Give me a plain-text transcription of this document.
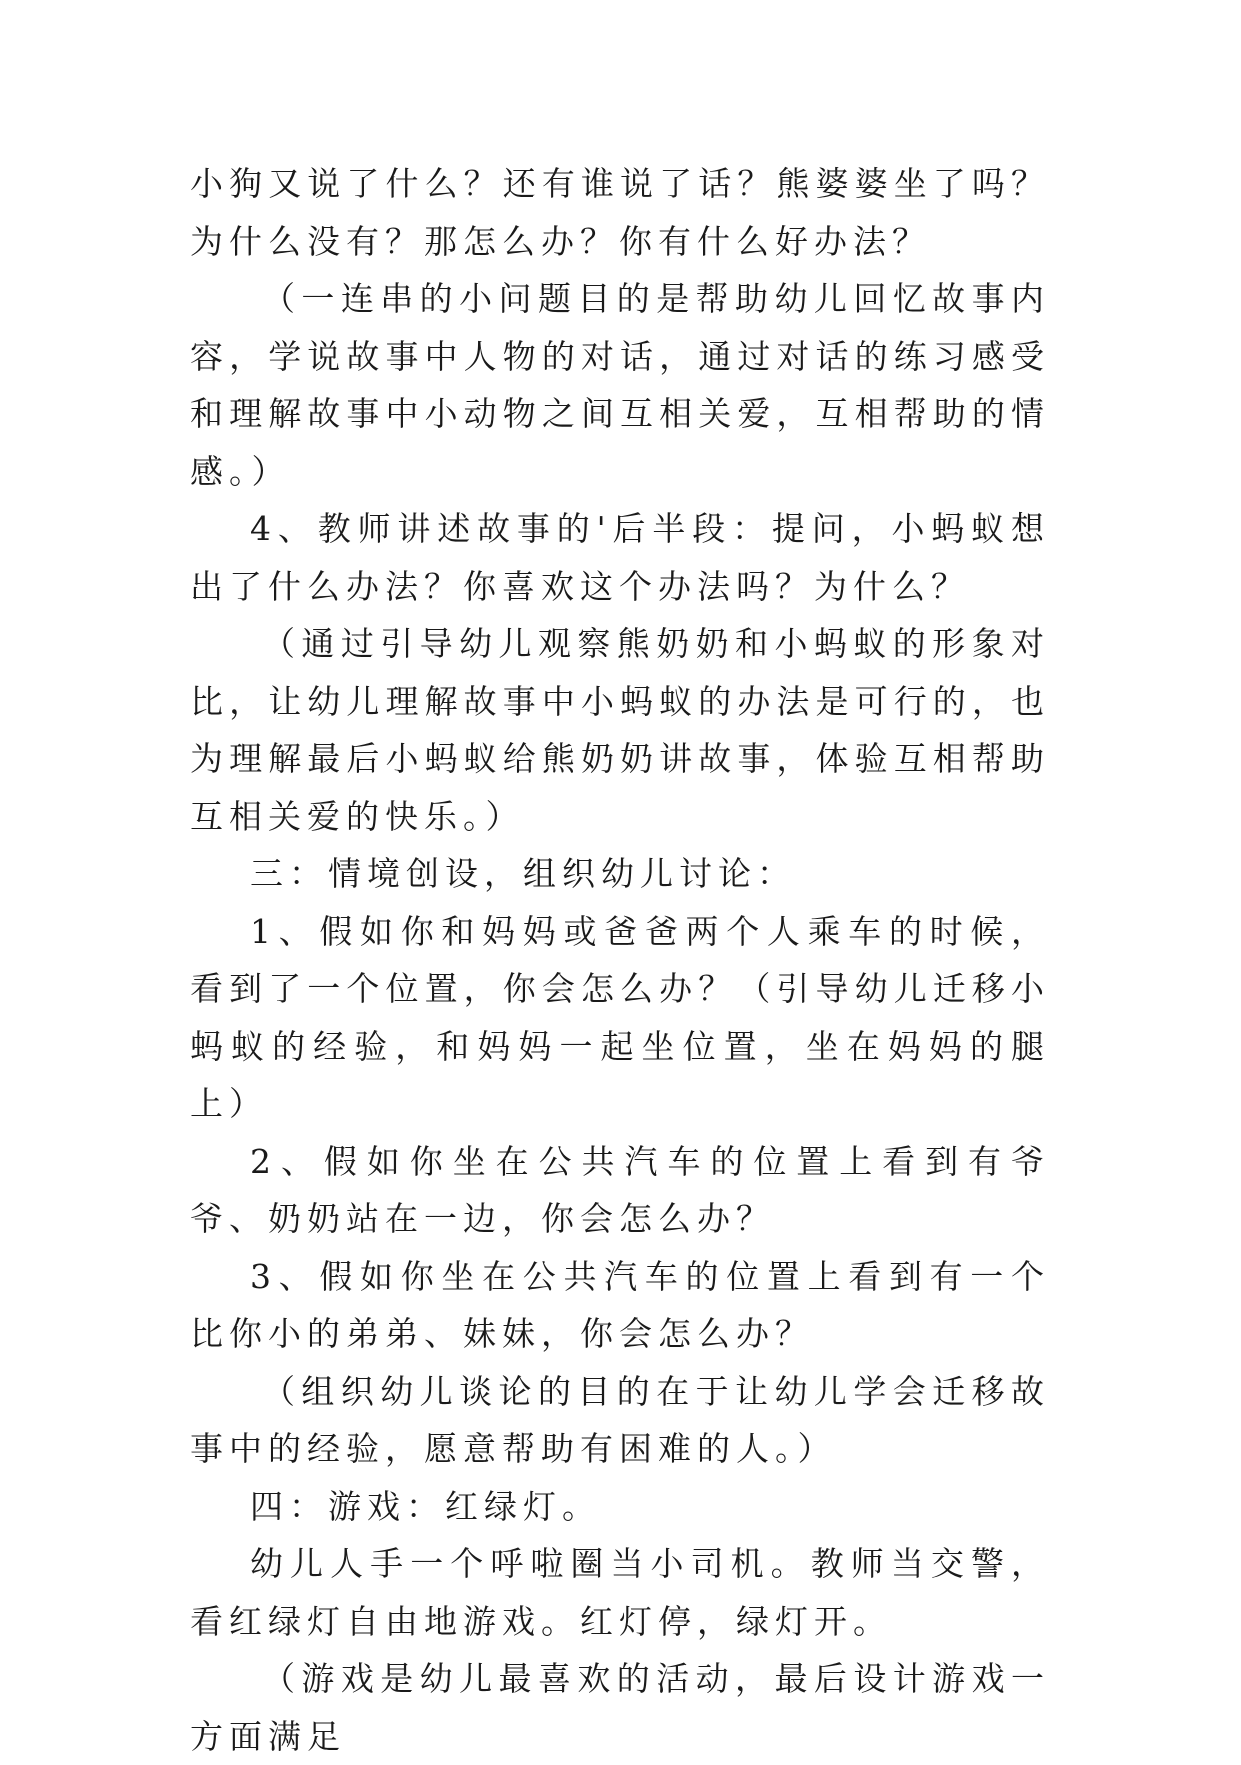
小狗又说了什么？还有谁说了话？熊婆婆坐了吗？为什么没有？那怎么办？你有什么好办法？

（一连串的小问题目的是帮助幼儿回忆故事内容，学说故事中人物的对话，通过对话的练习感受和理解故事中小动物之间互相关爱，互相帮助的情感。）

4、教师讲述故事的'后半段：提问，小蚂蚁想出了什么办法？你喜欢这个办法吗？为什么？

（通过引导幼儿观察熊奶奶和小蚂蚁的形象对比，让幼儿理解故事中小蚂蚁的办法是可行的，也为理解最后小蚂蚁给熊奶奶讲故事，体验互相帮助互相关爱的快乐。）

三：情境创设，组织幼儿讨论：

1、假如你和妈妈或爸爸两个人乘车的时候，看到了一个位置，你会怎么办？（引导幼儿迁移小蚂蚁的经验，和妈妈一起坐位置，坐在妈妈的腿上）

2、假如你坐在公共汽车的位置上看到有爷爷、奶奶站在一边，你会怎么办？

3、假如你坐在公共汽车的位置上看到有一个比你小的弟弟、妹妹，你会怎么办？

（组织幼儿谈论的目的在于让幼儿学会迁移故事中的经验，愿意帮助有困难的人。）

四：游戏：红绿灯。

幼儿人手一个呼啦圈当小司机。教师当交警，看红绿灯自由地游戏。红灯停，绿灯开。

（游戏是幼儿最喜欢的活动，最后设计游戏一方面满足
